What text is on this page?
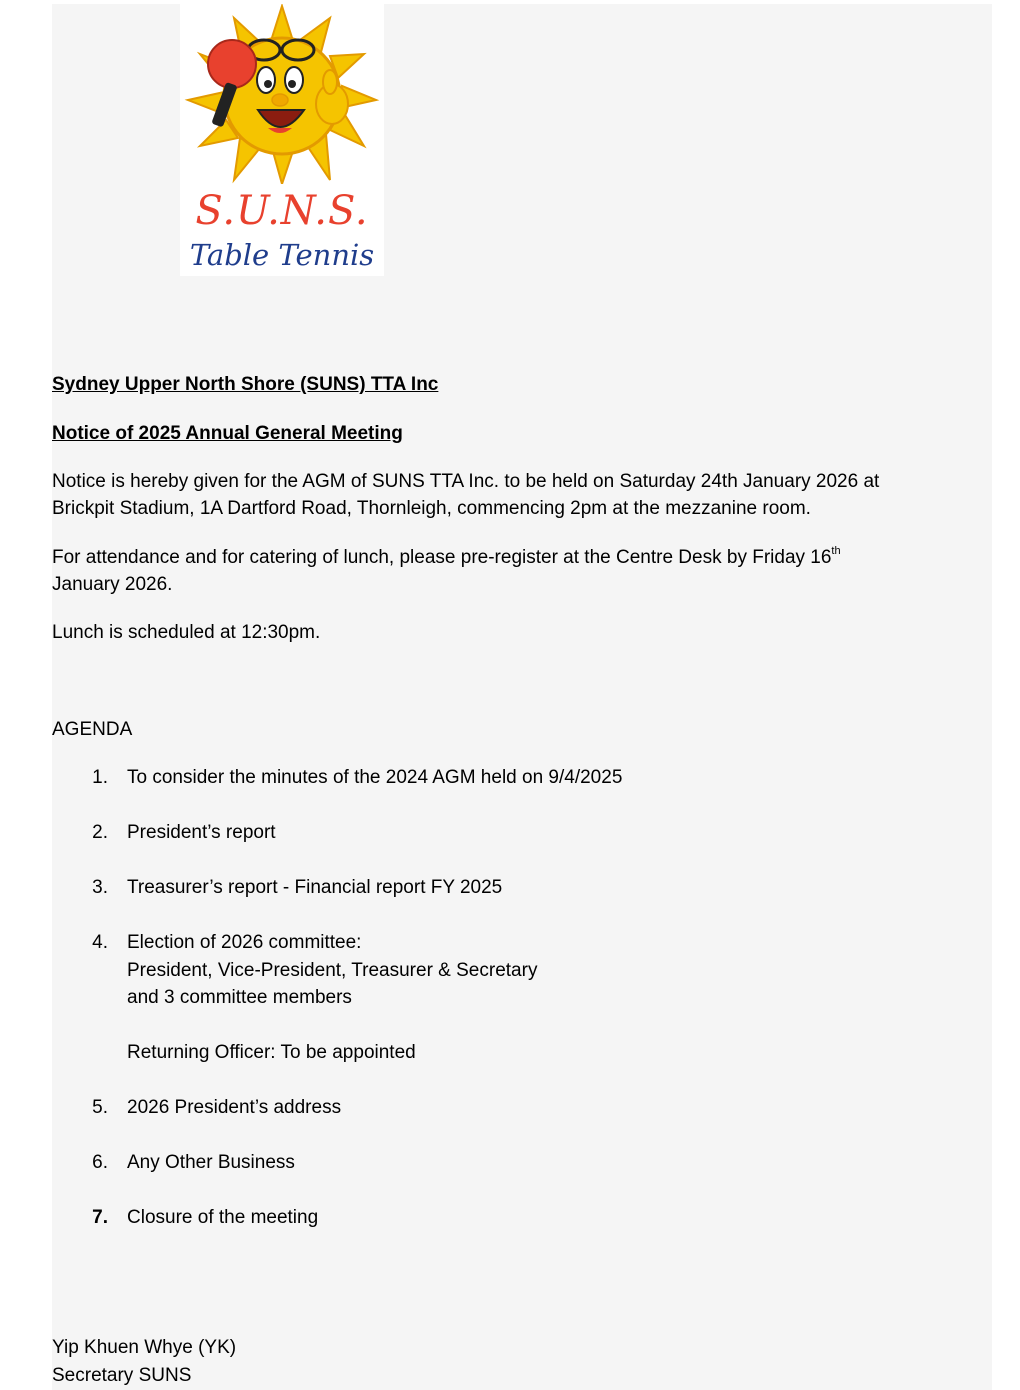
S.U.N.S.
Table Tennis
Sydney Upper North Shore (SUNS) TTA Inc
Notice of 2025 Annual General Meeting
Notice is hereby given for the AGM of SUNS TTA Inc. to be held on Saturday 24th January 2026 at
Brickpit Stadium, 1A Dartford Road, Thornleigh, commencing 2pm at the mezzanine room.
For attendance and for catering of lunch, please pre-register at the Centre Desk by Friday 16th
January 2026.
Lunch is scheduled at 12:30pm.
AGENDA
1. To consider the minutes of the 2024 AGM held on 9/4/2025
2. President’s report
3. Treasurer’s report - Financial report FY 2025
4. Election of 2026 committee:
President, Vice-President, Treasurer & Secretary
and 3 committee members
Returning Officer: To be appointed
5. 2026 President’s address
6. Any Other Business
7. Closure of the meeting
Yip Khuen Whye (YK)
Secretary SUNS
